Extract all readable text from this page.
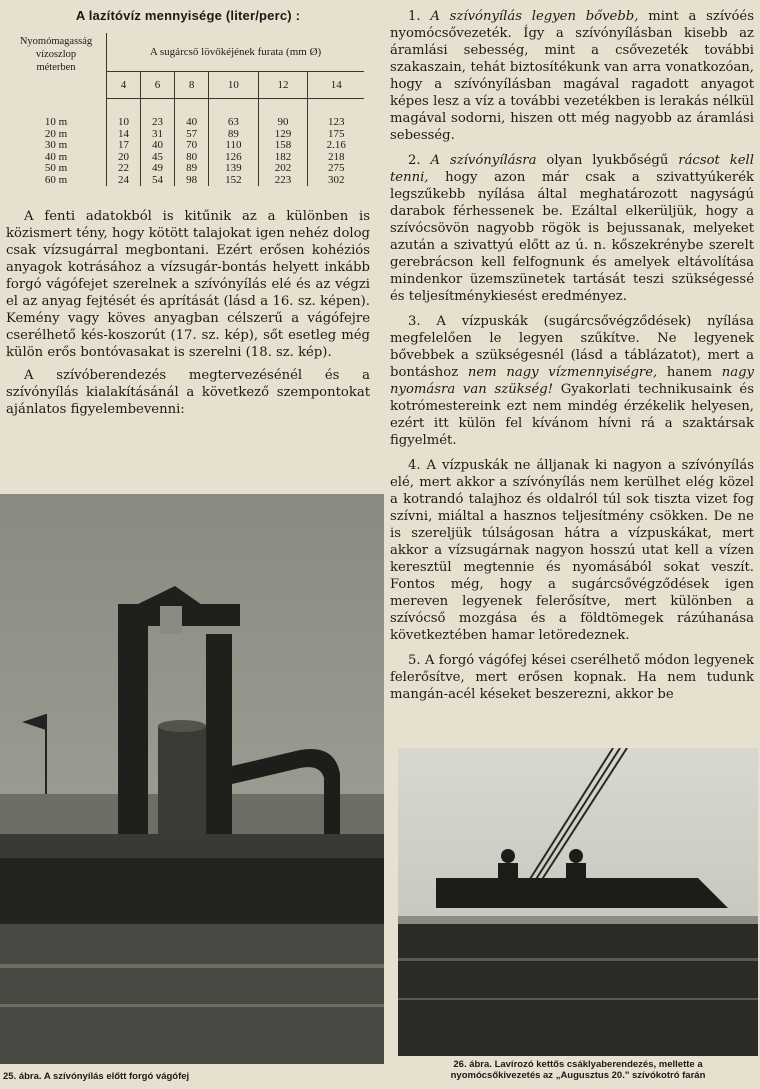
A lazítóvíz mennyisége (liter/perc) :
Nyomómagasság
vízoszlop
méterben	A sugárcső lövőkéjének furata (mm Ø)					
	4	6	8	10	12	14

10 m	10	23	40	63	90	123
20 m	14	31	57	89	129	175
30 m	17	40	70	110	158	2.16
40 m	20	45	80	126	182	218
50 m	22	49	89	139	202	275
60 m	24	54	98	152	223	302

A fenti adatokból is kitűnik az a különben is közismert tény, hogy kötött talajokat igen nehéz dolog csak vízsugárral megbontani. Ezért erősen kohéziós anyagok kotrásához a vízsugár-bontás helyett inkább forgó vágófejet szerelnek a szívónyílás elé és az végzi el az anyag fejtését és aprítását (lásd a 16. sz. képen). Kemény vagy köves anyagban célszerű a vágófejre cserélhető kés-koszorút (17. sz. kép), sőt esetleg még külön erős bontóvasakat is szerelni (18. sz. kép).

A szívóberendezés megtervezésénél és a szívónyílás kialakításánál a következő szempontokat ajánlatos figyelembevenni:

25. ábra. A szívónyílás előtt forgó vágófej

1. A szívónyílás legyen bővebb, mint a szívóés nyomócsővezeték. Így a szívónyílásban kisebb az áramlási sebesség, mint a csővezeték további szakaszain, tehát biztosítékunk van arra vonatkozóan, hogy a szívónyílásban magával ragadott anyagot képes lesz a víz a további vezetékben is lerakás nélkül magával sodorni, hiszen ott még nagyobb az áramlási sebesség.

2. A szívónyílásra olyan lyukbőségű rácsot kell tenni, hogy azon már csak a szivattyúkerék legszűkebb nyílása által meghatározott nagyságú darabok férhessenek be. Ezáltal elkerüljük, hogy a szívócsövön nagyobb rögök is bejussanak, melyeket azután a szivattyú előtt az ú. n. kőszekrénybe szerelt gerebrácson kell felfognunk és amelyek eltávolítása mindenkor üzemszünetek tartását teszi szükségessé és teljesítménykiesést eredményez.

3. A vízpuskák (sugárcsővégződések) nyílása megfelelően le legyen szűkítve. Ne legyenek bővebbek a szükségesnél (lásd a táblázatot), mert a bontáshoz nem nagy vízmennyiségre, hanem nagy nyomásra van szükség! Gyakorlati technikusaink és kotrómestereink ezt nem mindég érzékelik helyesen, ezért itt külön fel kívánom hívni rá a szaktársak figyelmét.

4. A vízpuskák ne álljanak ki nagyon a szívónyílás elé, mert akkor a szívónyílás nem kerülhet elég közel a kotrandó talajhoz és oldalról túl sok tiszta vizet fog szívni, miáltal a hasznos teljesítmény csökken. De ne is szereljük túlságosan hátra a vízpuskákat, mert akkor a vízsugárnak nagyon hosszú utat kell a vízen keresztül megtennie és nyomásából sokat veszít. Fontos még, hogy a sugárcsővégződések igen mereven legyenek felerősítve, mert különben a szívócső mozgása és a földtömegek rázúhanása következtében hamar letöredeznek.

5. A forgó vágófej kései cserélhető módon legyenek felerősítve, mert erősen kopnak. Ha nem tudunk mangán-acél késeket beszerezni, akkor be

26. ábra. Lavírozó kettős csáklyaberendezés, mellette a
nyomócsőkivezetés az „Augusztus 20." szívókotró farán
